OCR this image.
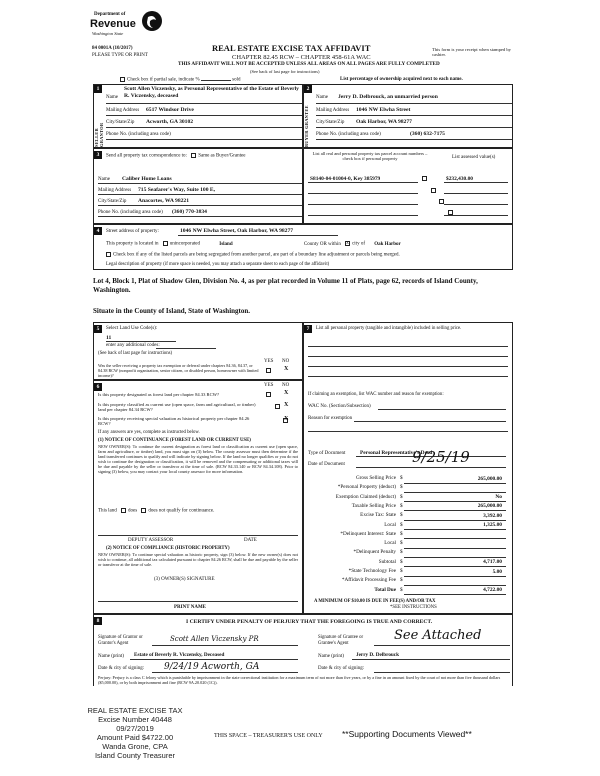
Department of
Revenue
Washington State
84 0001A (10/2017)
PLEASE TYPE OR PRINT
REAL ESTATE EXCISE TAX AFFIDAVIT
CHAPTER 82.45 RCW – CHAPTER 458-61A WAC
THIS AFFIDAVIT WILL NOT BE ACCEPTED UNLESS ALL AREAS ON ALL PAGES ARE FULLY COMPLETED
(See back of last page for instructions)
This form is your receipt when stamped by cashier.
Check box if partial sale, indicate %	sold	List percentage of ownership acquired next to each name.
1
SELLER GRANTOR
Name
Scott Allen Viczensky, as Personal Representative of the Estate of Beverly R. Viczensky, deceased
Mailing Address 6517 Windsor Drive
City/State/Zip Acworth, GA 30102
Phone No. (including area code)
2
BUYER GRANTEE
Name Jerry D. Delbrouck, an unmarried person
Mailing Address 1046 NW Elwha Street
City/State/Zip Oak Harbor, WA 98277
Phone No. (including area code)	(360) 632-7175
3	Send all property tax correspondence to: Same as Buyer/Grantee
Name Caliber Home Loans
Mailing Address 715 Seafarer's Way, Suite 100 E,
City/State/Zip Anacortes, WA 98221
Phone No. (including area code) (360) 770-3834
List all real and personal property tax parcel account numbers – check box if personal property	List assessed value(s)
S8140-04-01004-0, Key 385979
	$232,430.00

4	Street address of property:	1046 NW Elwha Street, Oak Harbor, WA 98277
This property is located in unincorporated	Island	County OR within x city of Oak Harbor
Check box if any of the listed parcels are being segregated from another parcel, are part of a boundary line adjustment or parcels being merged.
Legal description of property (if more space is needed, you may attach a separate sheet to each page of the affidavit)
Lot 4, Block 1, Plat of Shadow Glen, Division No. 4, as per plat recorded in Volume 11 of Plats, page 62, records of Island County, Washington.
Situate in the County of Island, State of Washington.
5	Select Land Use Code(s):
11
enter any additional codes:
(See back of last page for instructions)
YES NO
Was the seller receiving a property tax exemption or deferral under chapters 84.36, 84.37, or 84.38 RCW (nonprofit organization, senior citizen, or disabled person, homeowner with limited income)?
X
6	YES NO
Is this property designated as forest land per chapter 84.33 RCW?
	X
Is this property classified as current use (open space, farm and agricultural, or timber) land per chapter 84.34 RCW?

X
Is this property receiving special valuation as historical property per chapter 84.26 RCW?
X
If any answers are yes, complete as instructed below.
(1) NOTICE OF CONTINUANCE (FOREST LAND OR CURRENT USE)
NEW OWNER(S): To continue the current designation as forest land or classification as current use (open space, farm and agriculture, or timber) land, you must sign on (3) below. The county assessor must then determine if the land transferred continues to qualify and will indicate by signing below. If the land no longer qualifies or you do not wish to continue the designation or classification, it will be removed and the compensating or additional taxes will be due and payable by the seller or transferor at the time of sale. (RCW 84.33.140 or RCW 84.34.108). Prior to signing (3) below, you may contact your local county assessor for more information.
This land does does not qualify for continuance.
DEPUTY ASSESSOR	DATE
(2) NOTICE OF COMPLIANCE (HISTORIC PROPERTY)
NEW OWNER(S): To continue special valuation as historic property, sign (3) below. If the new owner(s) does not wish to continue, all additional tax calculated pursuant to chapter 84.26 RCW, shall be due and payable by the seller or transferor at the time of sale.
(3) OWNER(S) SIGNATURE
PRINT NAME
7	List all personal property (tangible and intangible) included in selling price.
If claiming an exemption, list WAC number and reason for exemption:
WAC No. (Section/Subsection)
Reason for exemption
Type of Document	Personal Representative's Deed
Date of Document	9/25/19
Gross Selling Price $	265,000.00
*Personal Property (deduct) $
Exemption Claimed (deduct) $	No
Taxable Selling Price $	265,000.00
Excise Tax: State $	3,392.00
Local $	1,325.00
*Delinquent Interest: State $
Local $
*Delinquent Penalty $
Subtotal $	4,717.00
*State Technology Fee $	5.00
*Affidavit Processing Fee $
Total Due $	4,722.00
A MINIMUM OF $10.00 IS DUE IN FEE(S) AND/OR TAX
*SEE INSTRUCTIONS
8	I CERTIFY UNDER PENALTY OF PERJURY THAT THE FOREGOING IS TRUE AND CORRECT.
Signature of Grantor or Grantor's Agent
Scott Allen Viczensky PR	Signature of Grantee or Grantee's Agent
See Attached
Name (print) Estate of Beverly R. Viczensky, Deceased	Name (print) Jerry D. Delbrouck
Date & city of signing: 9/24/19 Acworth, GA	Date & city of signing:
Perjury: Perjury is a class C felony which is punishable by imprisonment in the state correctional institution for a maximum term of not more than five years, or by a fine in an amount fixed by the court of not more than five thousand dollars ($5,000.00), or by both imprisonment and fine (RCW 9A.20.020 (1C)).
REAL ESTATE EXCISE TAX
Excise Number 40448
09/27/2019
Amount Paid $4722.00
Wanda Grone, CPA
Island County Treasurer
THIS SPACE – TREASURER'S USE ONLY **Supporting Documents Viewed**
